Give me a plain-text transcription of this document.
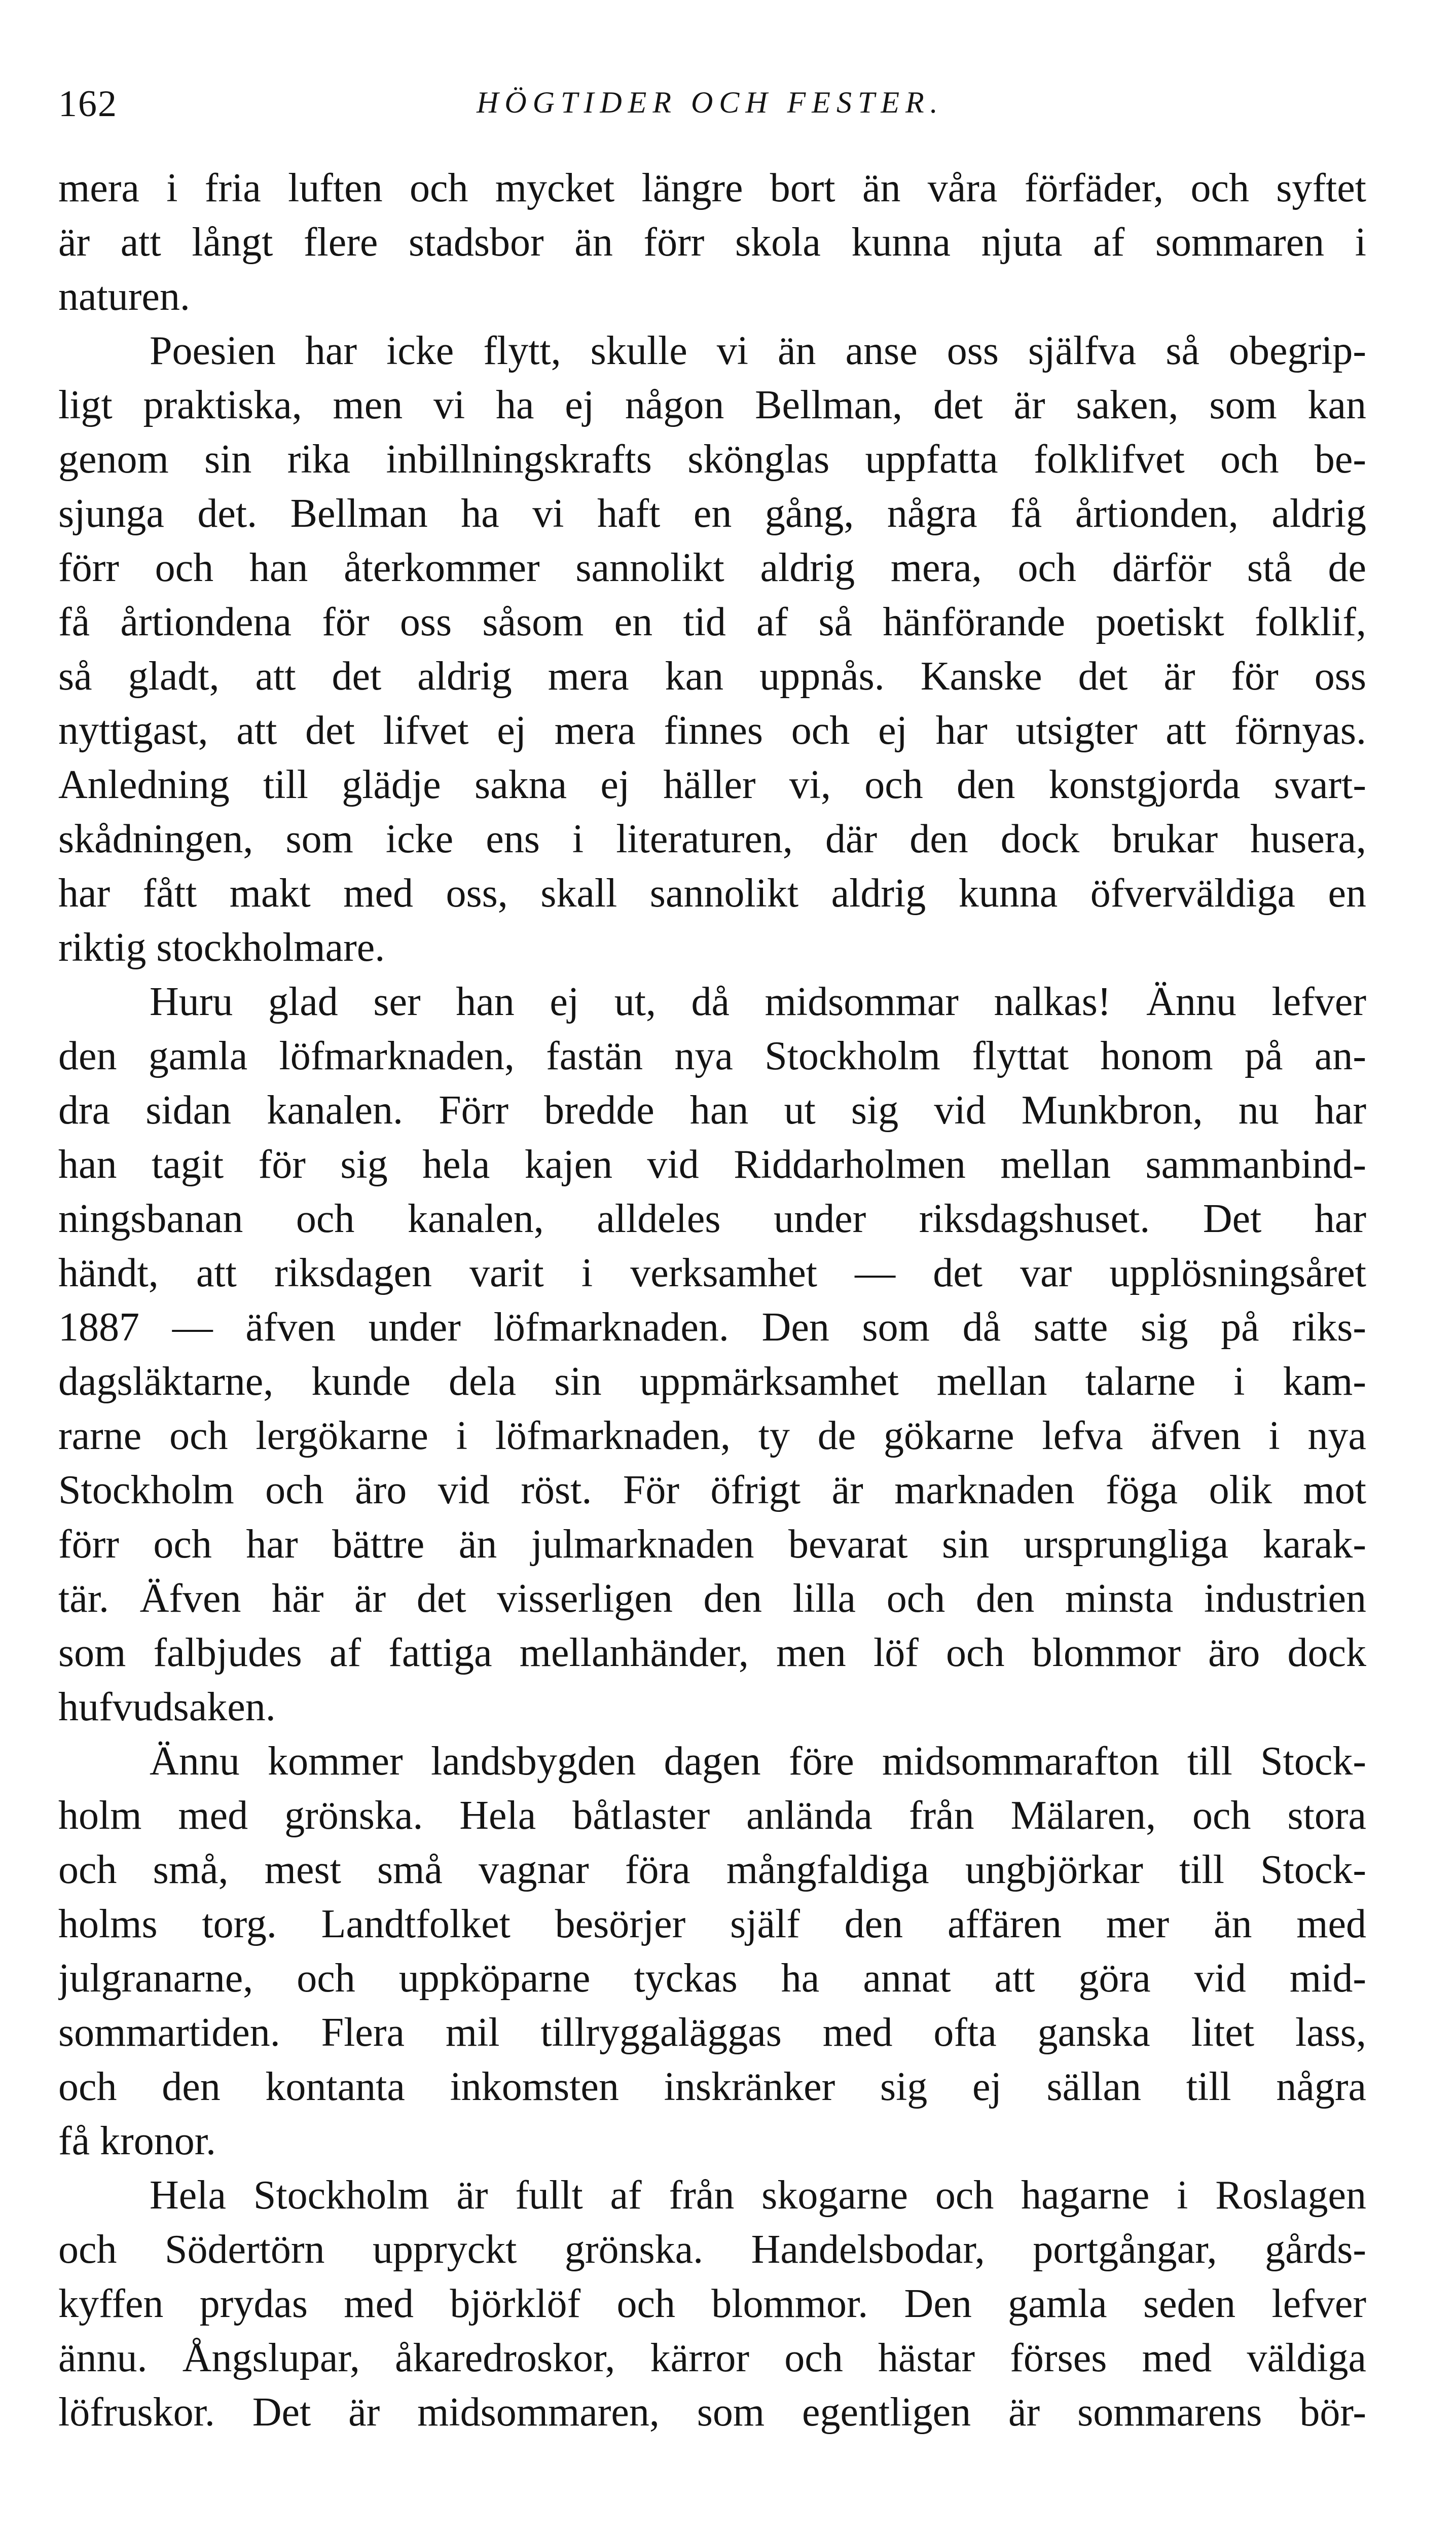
162	HÖGTIDER OCH FESTER.
mera i fria luften och mycket längre bort än våra förfäder, och syftet
är att långt flere stadsbor än förr skola kunna njuta af sommaren i
naturen.
Poesien har icke flytt, skulle vi än anse oss själfva så obegrip-
ligt praktiska, men vi ha ej någon Bellman, det är saken, som kan
genom sin rika inbillningskrafts skönglas uppfatta folklifvet och be-
sjunga det. Bellman ha vi haft en gång, några få årtionden, aldrig
förr och han återkommer sannolikt aldrig mera, och därför stå de
få årtiondena för oss såsom en tid af så hänförande poetiskt folklif,
så gladt, att det aldrig mera kan uppnås. Kanske det är för oss
nyttigast, att det lifvet ej mera finnes och ej har utsigter att förnyas.
Anledning till glädje sakna ej häller vi, och den konstgjorda svart-
skådningen, som icke ens i literaturen, där den dock brukar husera,
har fått makt med oss, skall sannolikt aldrig kunna öfverväldiga en
riktig stockholmare.
Huru glad ser han ej ut, då midsommar nalkas! Ännu lefver
den gamla löfmarknaden, fastän nya Stockholm flyttat honom på an-
dra sidan kanalen. Förr bredde han ut sig vid Munkbron, nu har
han tagit för sig hela kajen vid Riddarholmen mellan sammanbind-
ningsbanan och kanalen, alldeles under riksdagshuset. Det har
händt, att riksdagen varit i verksamhet — det var upplösningsåret
1887 — äfven under löfmarknaden. Den som då satte sig på riks-
dagsläktarne, kunde dela sin uppmärksamhet mellan talarne i kam-
rarne och lergökarne i löfmarknaden, ty de gökarne lefva äfven i nya
Stockholm och äro vid röst. För öfrigt är marknaden föga olik mot
förr och har bättre än julmarknaden bevarat sin ursprungliga karak-
tär. Äfven här är det visserligen den lilla och den minsta industrien
som falbjudes af fattiga mellanhänder, men löf och blommor äro dock
hufvudsaken.
Ännu kommer landsbygden dagen före midsommarafton till Stock-
holm med grönska. Hela båtlaster anlända från Mälaren, och stora
och små, mest små vagnar föra mångfaldiga ungbjörkar till Stock-
holms torg. Landtfolket besörjer själf den affären mer än med
julgranarne, och uppköparne tyckas ha annat att göra vid mid-
sommartiden. Flera mil tillryggaläggas med ofta ganska litet lass,
och den kontanta inkomsten inskränker sig ej sällan till några
få kronor.
Hela Stockholm är fullt af från skogarne och hagarne i Roslagen
och Södertörn uppryckt grönska. Handelsbodar, portgångar, gårds-
kyffen prydas med björklöf och blommor. Den gamla seden lefver
ännu. Ångslupar, åkaredroskor, kärror och hästar förses med väldiga
löfruskor. Det är midsommaren, som egentligen är sommarens bör-
